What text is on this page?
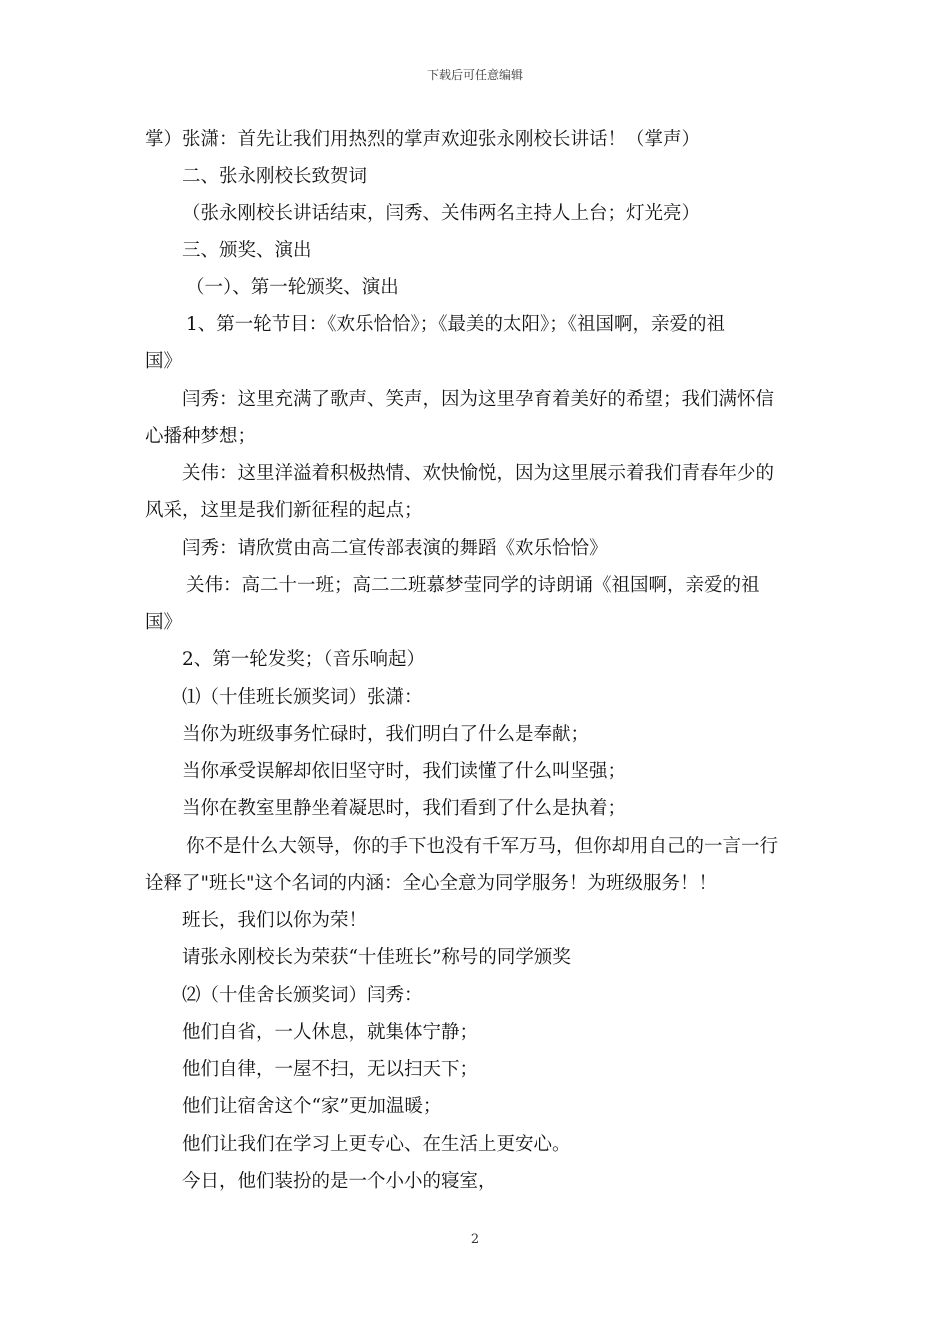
下载后可任意编辑
掌）张潇：首先让我们用热烈的掌声欢迎张永刚校长讲话！（掌声）
二、张永刚校长致贺词
（张永刚校长讲话结束，闫秀、关伟两名主持人上台；灯光亮）
三、颁奖、演出
（一）、第一轮颁奖、演出
1、第一轮节目：《欢乐恰恰》；《最美的太阳》；《祖国啊，亲爱的祖
国》
闫秀：这里充满了歌声、笑声，因为这里孕育着美好的希望；我们满怀信
心播种梦想；
关伟：这里洋溢着积极热情、欢快愉悦，因为这里展示着我们青春年少的
风采，这里是我们新征程的起点；
闫秀：请欣赏由高二宣传部表演的舞蹈《欢乐恰恰》
关伟：高二十一班；高二二班慕梦莹同学的诗朗诵《祖国啊，亲爱的祖
国》
2、第一轮发奖；（音乐响起）
⑴（十佳班长颁奖词）张潇：
当你为班级事务忙碌时，我们明白了什么是奉献；
当你承受误解却依旧坚守时，我们读懂了什么叫坚强；
当你在教室里静坐着凝思时，我们看到了什么是执着；
你不是什么大领导，你的手下也没有千军万马，但你却用自己的一言一行
诠释了"班长"这个名词的内涵：全心全意为同学服务！为班级服务！！
班长，我们以你为荣！
请张永刚校长为荣获“十佳班长”称号的同学颁奖
⑵（十佳舍长颁奖词）闫秀：
他们自省，一人休息，就集体宁静；
他们自律，一屋不扫，无以扫天下；
他们让宿舍这个“家”更加温暖；
他们让我们在学习上更专心、在生活上更安心。
今日，他们装扮的是一个小小的寝室，
2
